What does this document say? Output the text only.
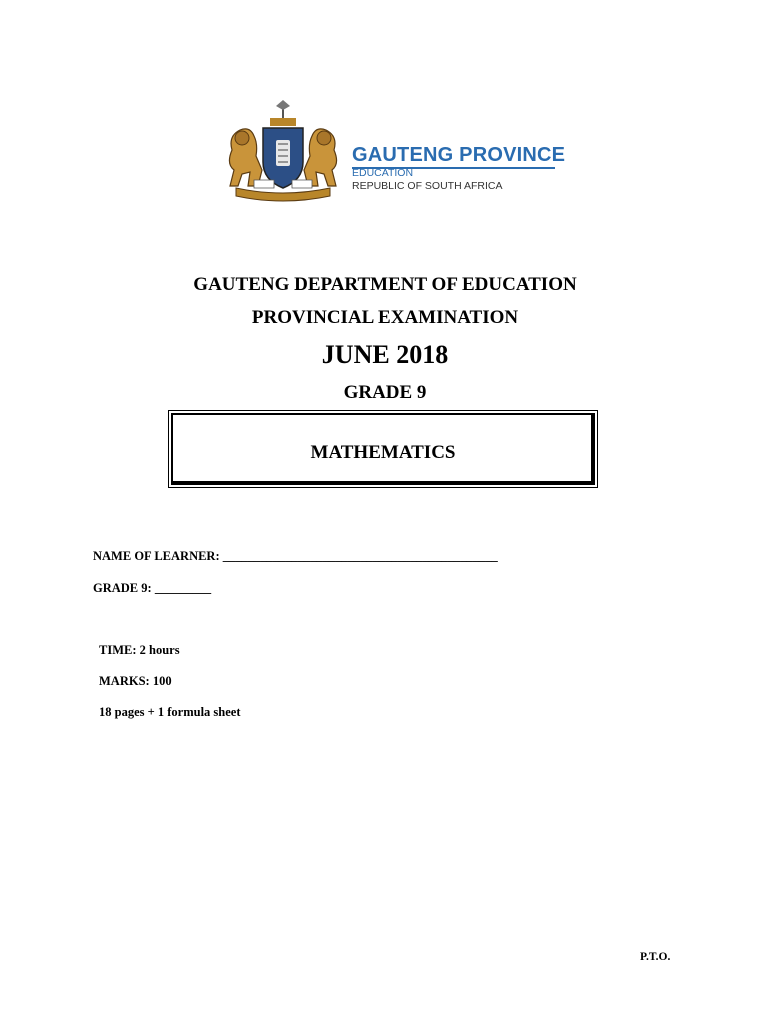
GAUTENG PROVINCE
EDUCATION
REPUBLIC OF SOUTH AFRICA
GAUTENG DEPARTMENT OF EDUCATION
PROVINCIAL EXAMINATION
JUNE 2018
GRADE 9
MATHEMATICS
NAME OF LEARNER: ____________________________________________
GRADE 9: _________
TIME: 2 hours
MARKS: 100
18 pages + 1 formula sheet
P.T.O.
